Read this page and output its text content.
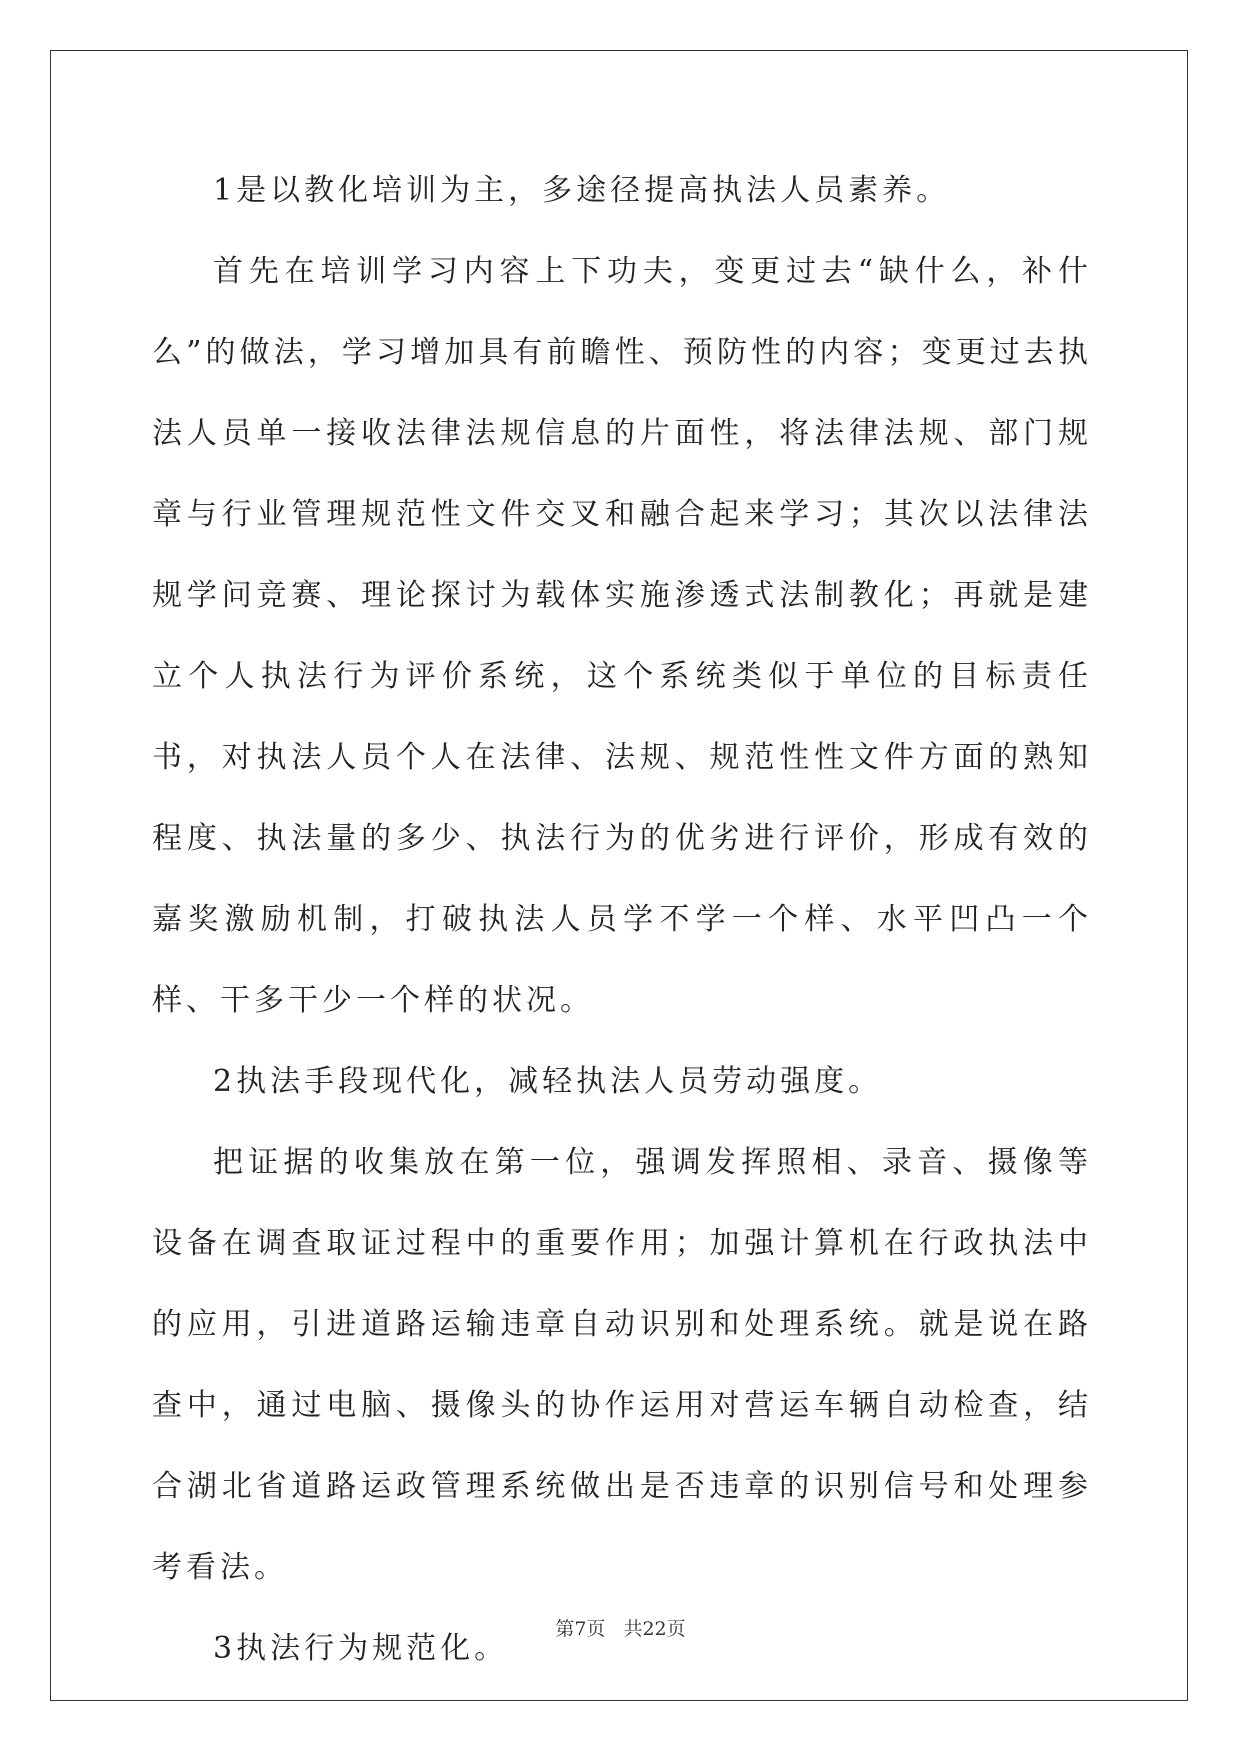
1是以教化培训为主，多途径提高执法人员素养。

首先在培训学习内容上下功夫，变更过去“缺什么，补什么”的做法，学习增加具有前瞻性、预防性的内容；变更过去执法人员单一接收法律法规信息的片面性，将法律法规、部门规章与行业管理规范性文件交叉和融合起来学习；其次以法律法规学问竞赛、理论探讨为载体实施渗透式法制教化；再就是建立个人执法行为评价系统，这个系统类似于单位的目标责任书，对执法人员个人在法律、法规、规范性性文件方面的熟知程度、执法量的多少、执法行为的优劣进行评价，形成有效的嘉奖激励机制，打破执法人员学不学一个样、水平凹凸一个样、干多干少一个样的状况。

2执法手段现代化，减轻执法人员劳动强度。

把证据的收集放在第一位，强调发挥照相、录音、摄像等设备在调查取证过程中的重要作用；加强计算机在行政执法中的应用，引进道路运输违章自动识别和处理系统。就是说在路查中，通过电脑、摄像头的协作运用对营运车辆自动检查，结合湖北省道路运政管理系统做出是否违章的识别信号和处理参考看法。

3执法行为规范化。

第7页 共22页
